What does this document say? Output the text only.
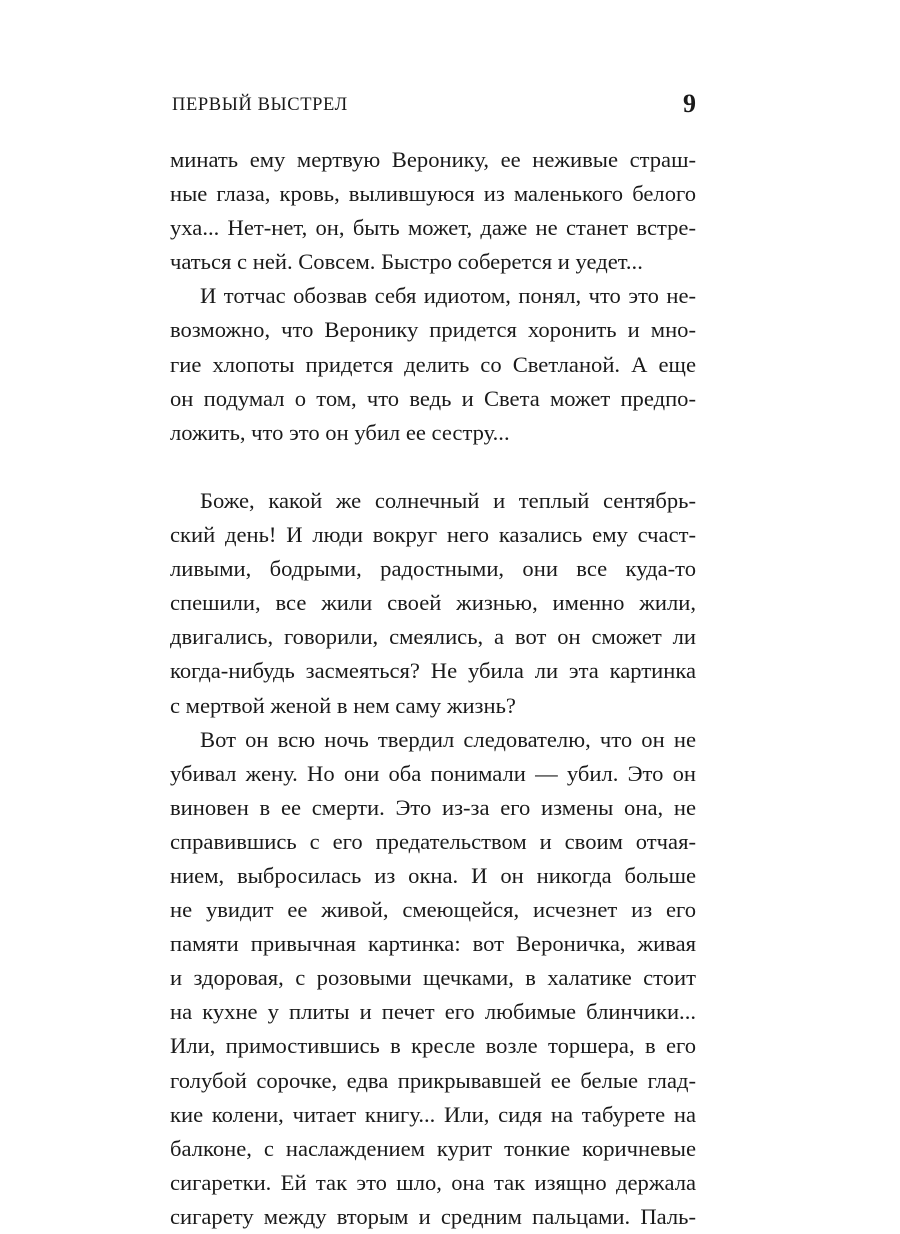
ПЕРВЫЙ ВЫСТРЕЛ	9
минать ему мертвую Веронику, ее неживые страш-
ные глаза, кровь, вылившуюся из маленького белого
уха... Нет-нет, он, быть может, даже не станет встре-
чаться с ней. Совсем. Быстро соберется и уедет...
И тотчас обозвав себя идиотом, понял, что это не-
возможно, что Веронику придется хоронить и мно-
гие хлопоты придется делить со Светланой. А еще
он подумал о том, что ведь и Света может предпо-
ложить, что это он убил ее сестру...
Боже, какой же солнечный и теплый сентябрь-
ский день! И люди вокруг него казались ему счаст-
ливыми, бодрыми, радостными, они все куда-то
спешили, все жили своей жизнью, именно жили,
двигались, говорили, смеялись, а вот он сможет ли
когда-нибудь засмеяться? Не убила ли эта картинка
с мертвой женой в нем саму жизнь?
Вот он всю ночь твердил следователю, что он не
убивал жену. Но они оба понимали — убил. Это он
виновен в ее смерти. Это из-за его измены она, не
справившись с его предательством и своим отчая-
нием, выбросилась из окна. И он никогда больше
не увидит ее живой, смеющейся, исчезнет из его
памяти привычная картинка: вот Вероничка, живая
и здоровая, с розовыми щечками, в халатике стоит
на кухне у плиты и печет его любимые блинчики...
Или, примостившись в кресле возле торшера, в его
голубой сорочке, едва прикрывавшей ее белые глад-
кие колени, читает книгу... Или, сидя на табурете на
балконе, с наслаждением курит тонкие коричневые
сигаретки. Ей так это шло, она так изящно держала
сигарету между вторым и средним пальцами. Паль-
